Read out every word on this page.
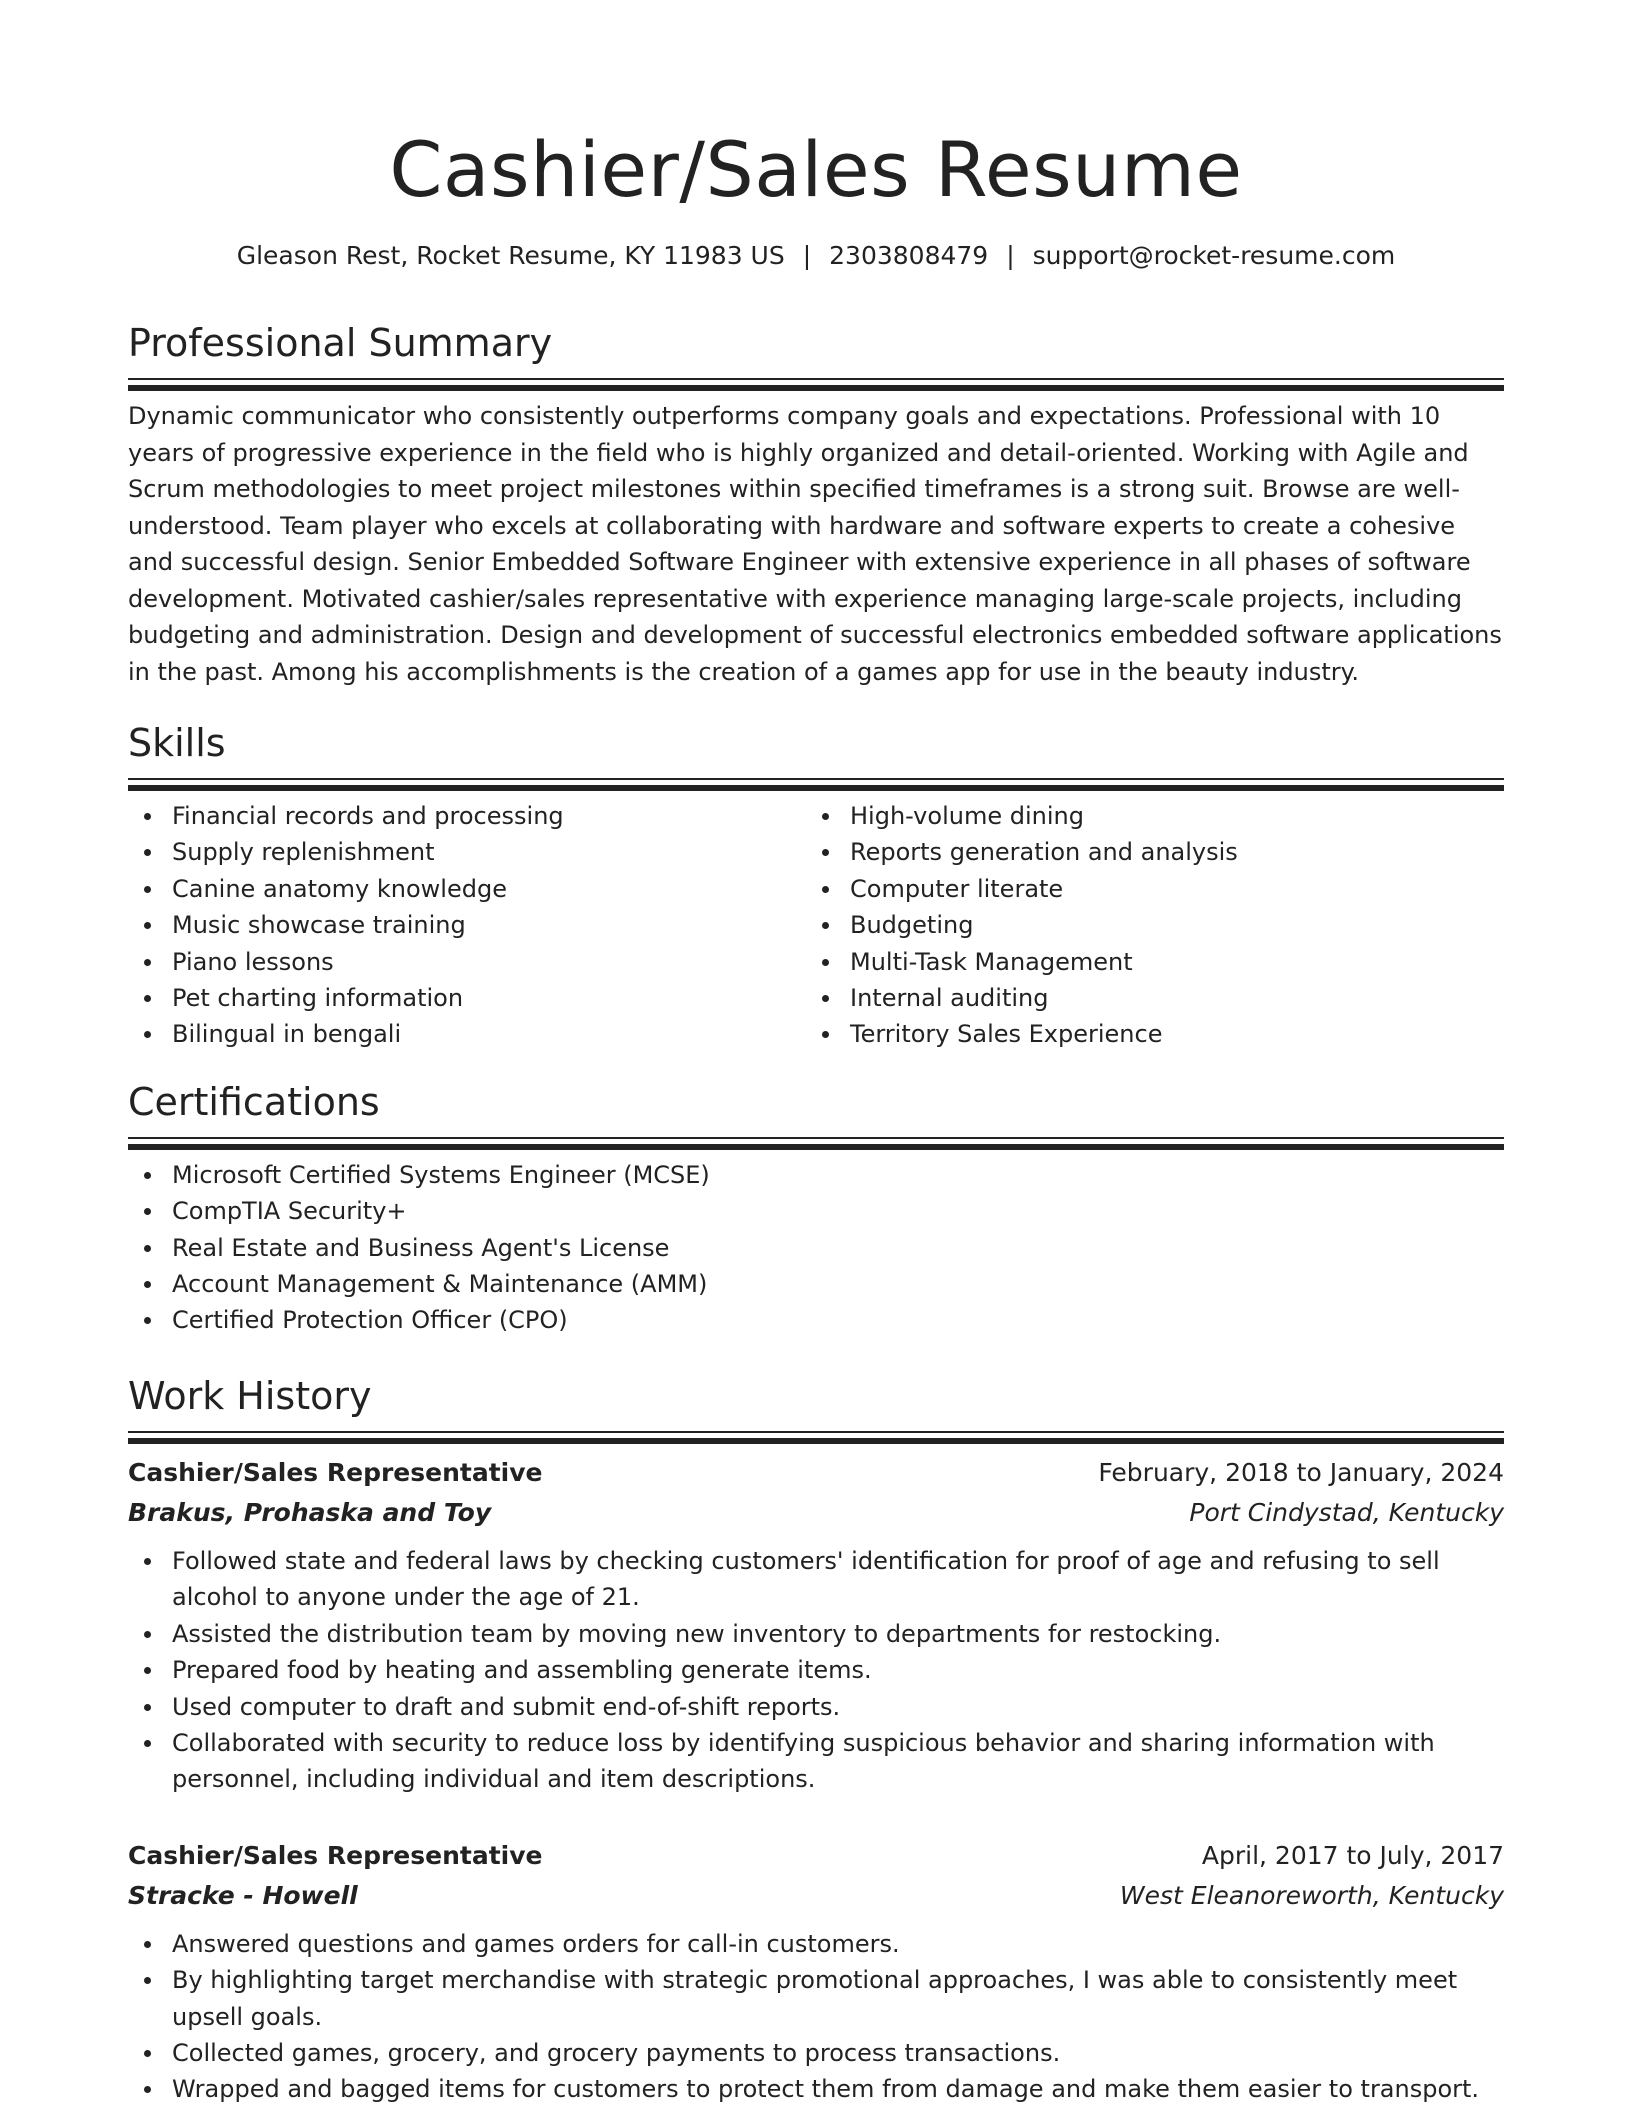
Cashier/Sales Resume
Gleason Rest, Rocket Resume, KY 11983 US | 2303808479 | support@rocket-resume.com
Professional Summary

Dynamic communicator who consistently outperforms company goals and expectations. Professional with 10 years of progressive experience in the field who is highly organized and detail-oriented. Working with Agile and Scrum methodologies to meet project milestones within specified timeframes is a strong suit. Browse are well-understood. Team player who excels at collaborating with hardware and software experts to create a cohesive and successful design. Senior Embedded Software Engineer with extensive experience in all phases of software development. Motivated cashier/sales representative with experience managing large-scale projects, including budgeting and administration. Design and development of successful electronics embedded software applications in the past. Among his accomplishments is the creation of a games app for use in the beauty industry.

Skills
Financial records and processing
Supply replenishment
Canine anatomy knowledge
Music showcase training
Piano lessons
Pet charting information
Bilingual in bengali
High-volume dining
Reports generation and analysis
Computer literate
Budgeting
Multi-Task Management
Internal auditing
Territory Sales Experience
Certifications
Microsoft Certified Systems Engineer (MCSE)
CompTIA Security+
Real Estate and Business Agent's License
Account Management & Maintenance (AMM)
Certified Protection Officer (CPO)
Work History
Cashier/Sales Representative	February, 2018 to January, 2024
Brakus, Prohaska and Toy	Port Cindystad, Kentucky
Followed state and federal laws by checking customers' identification for proof of age and refusing to sell alcohol to anyone under the age of 21.
Assisted the distribution team by moving new inventory to departments for restocking.
Prepared food by heating and assembling generate items.
Used computer to draft and submit end-of-shift reports.
Collaborated with security to reduce loss by identifying suspicious behavior and sharing information with personnel, including individual and item descriptions.
Cashier/Sales Representative	April, 2017 to July, 2017
Stracke - Howell	West Eleanoreworth, Kentucky
Answered questions and games orders for call-in customers.
By highlighting target merchandise with strategic promotional approaches, I was able to consistently meet upsell goals.
Collected games, grocery, and grocery payments to process transactions.
Wrapped and bagged items for customers to protect them from damage and make them easier to transport.
